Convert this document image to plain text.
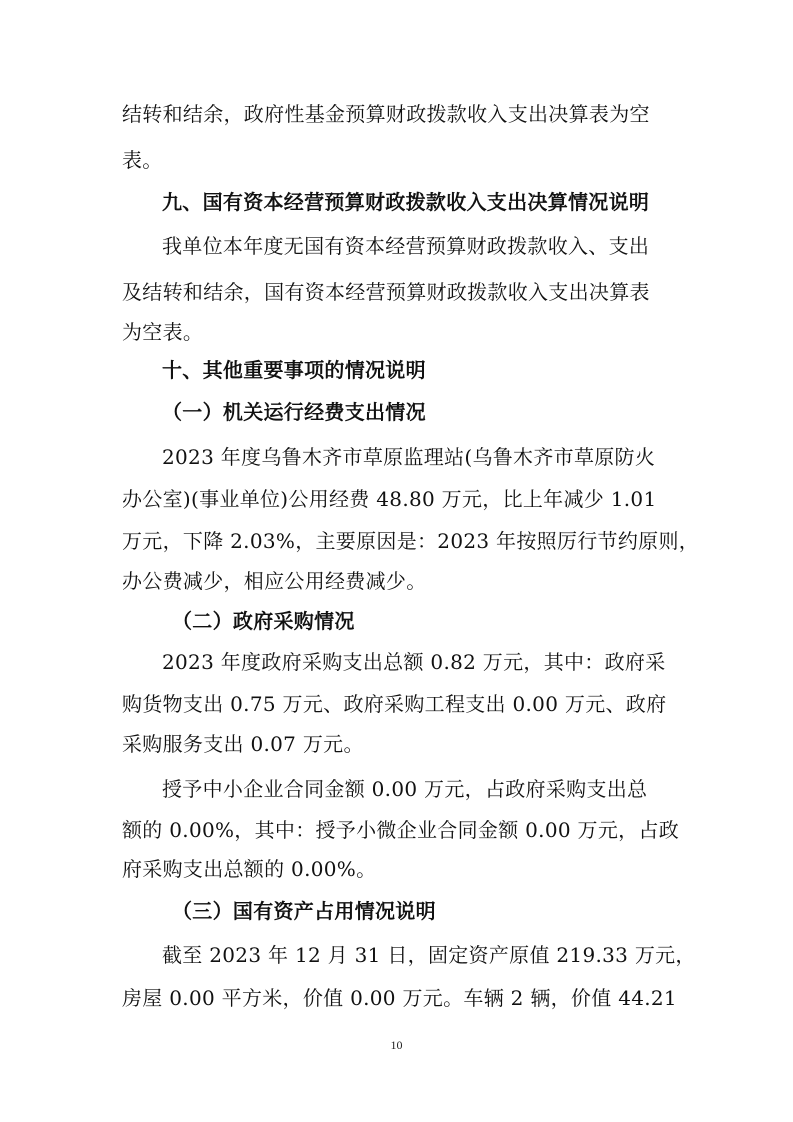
结转和结余，政府性基金预算财政拨款收入支出决算表为空
表。
九、国有资本经营预算财政拨款收入支出决算情况说明
我单位本年度无国有资本经营预算财政拨款收入、支出
及结转和结余，国有资本经营预算财政拨款收入支出决算表
为空表。
十、其他重要事项的情况说明
（一）机关运行经费支出情况
2023 年度乌鲁木齐市草原监理站(乌鲁木齐市草原防火
办公室)(事业单位)公用经费 48.80 万元，比上年减少 1.01
万元，下降 2.03%，主要原因是：2023 年按照厉行节约原则，
办公费减少，相应公用经费减少。
（二）政府采购情况
2023 年度政府采购支出总额 0.82 万元，其中：政府采
购货物支出 0.75 万元、政府采购工程支出 0.00 万元、政府
采购服务支出 0.07 万元。
授予中小企业合同金额 0.00 万元，占政府采购支出总
额的 0.00%，其中：授予小微企业合同金额 0.00 万元，占政
府采购支出总额的 0.00%。
（三）国有资产占用情况说明
截至 2023 年 12 月 31 日，固定资产原值 219.33 万元，
房屋 0.00 平方米，价值 0.00 万元。车辆 2 辆，价值 44.21
10
